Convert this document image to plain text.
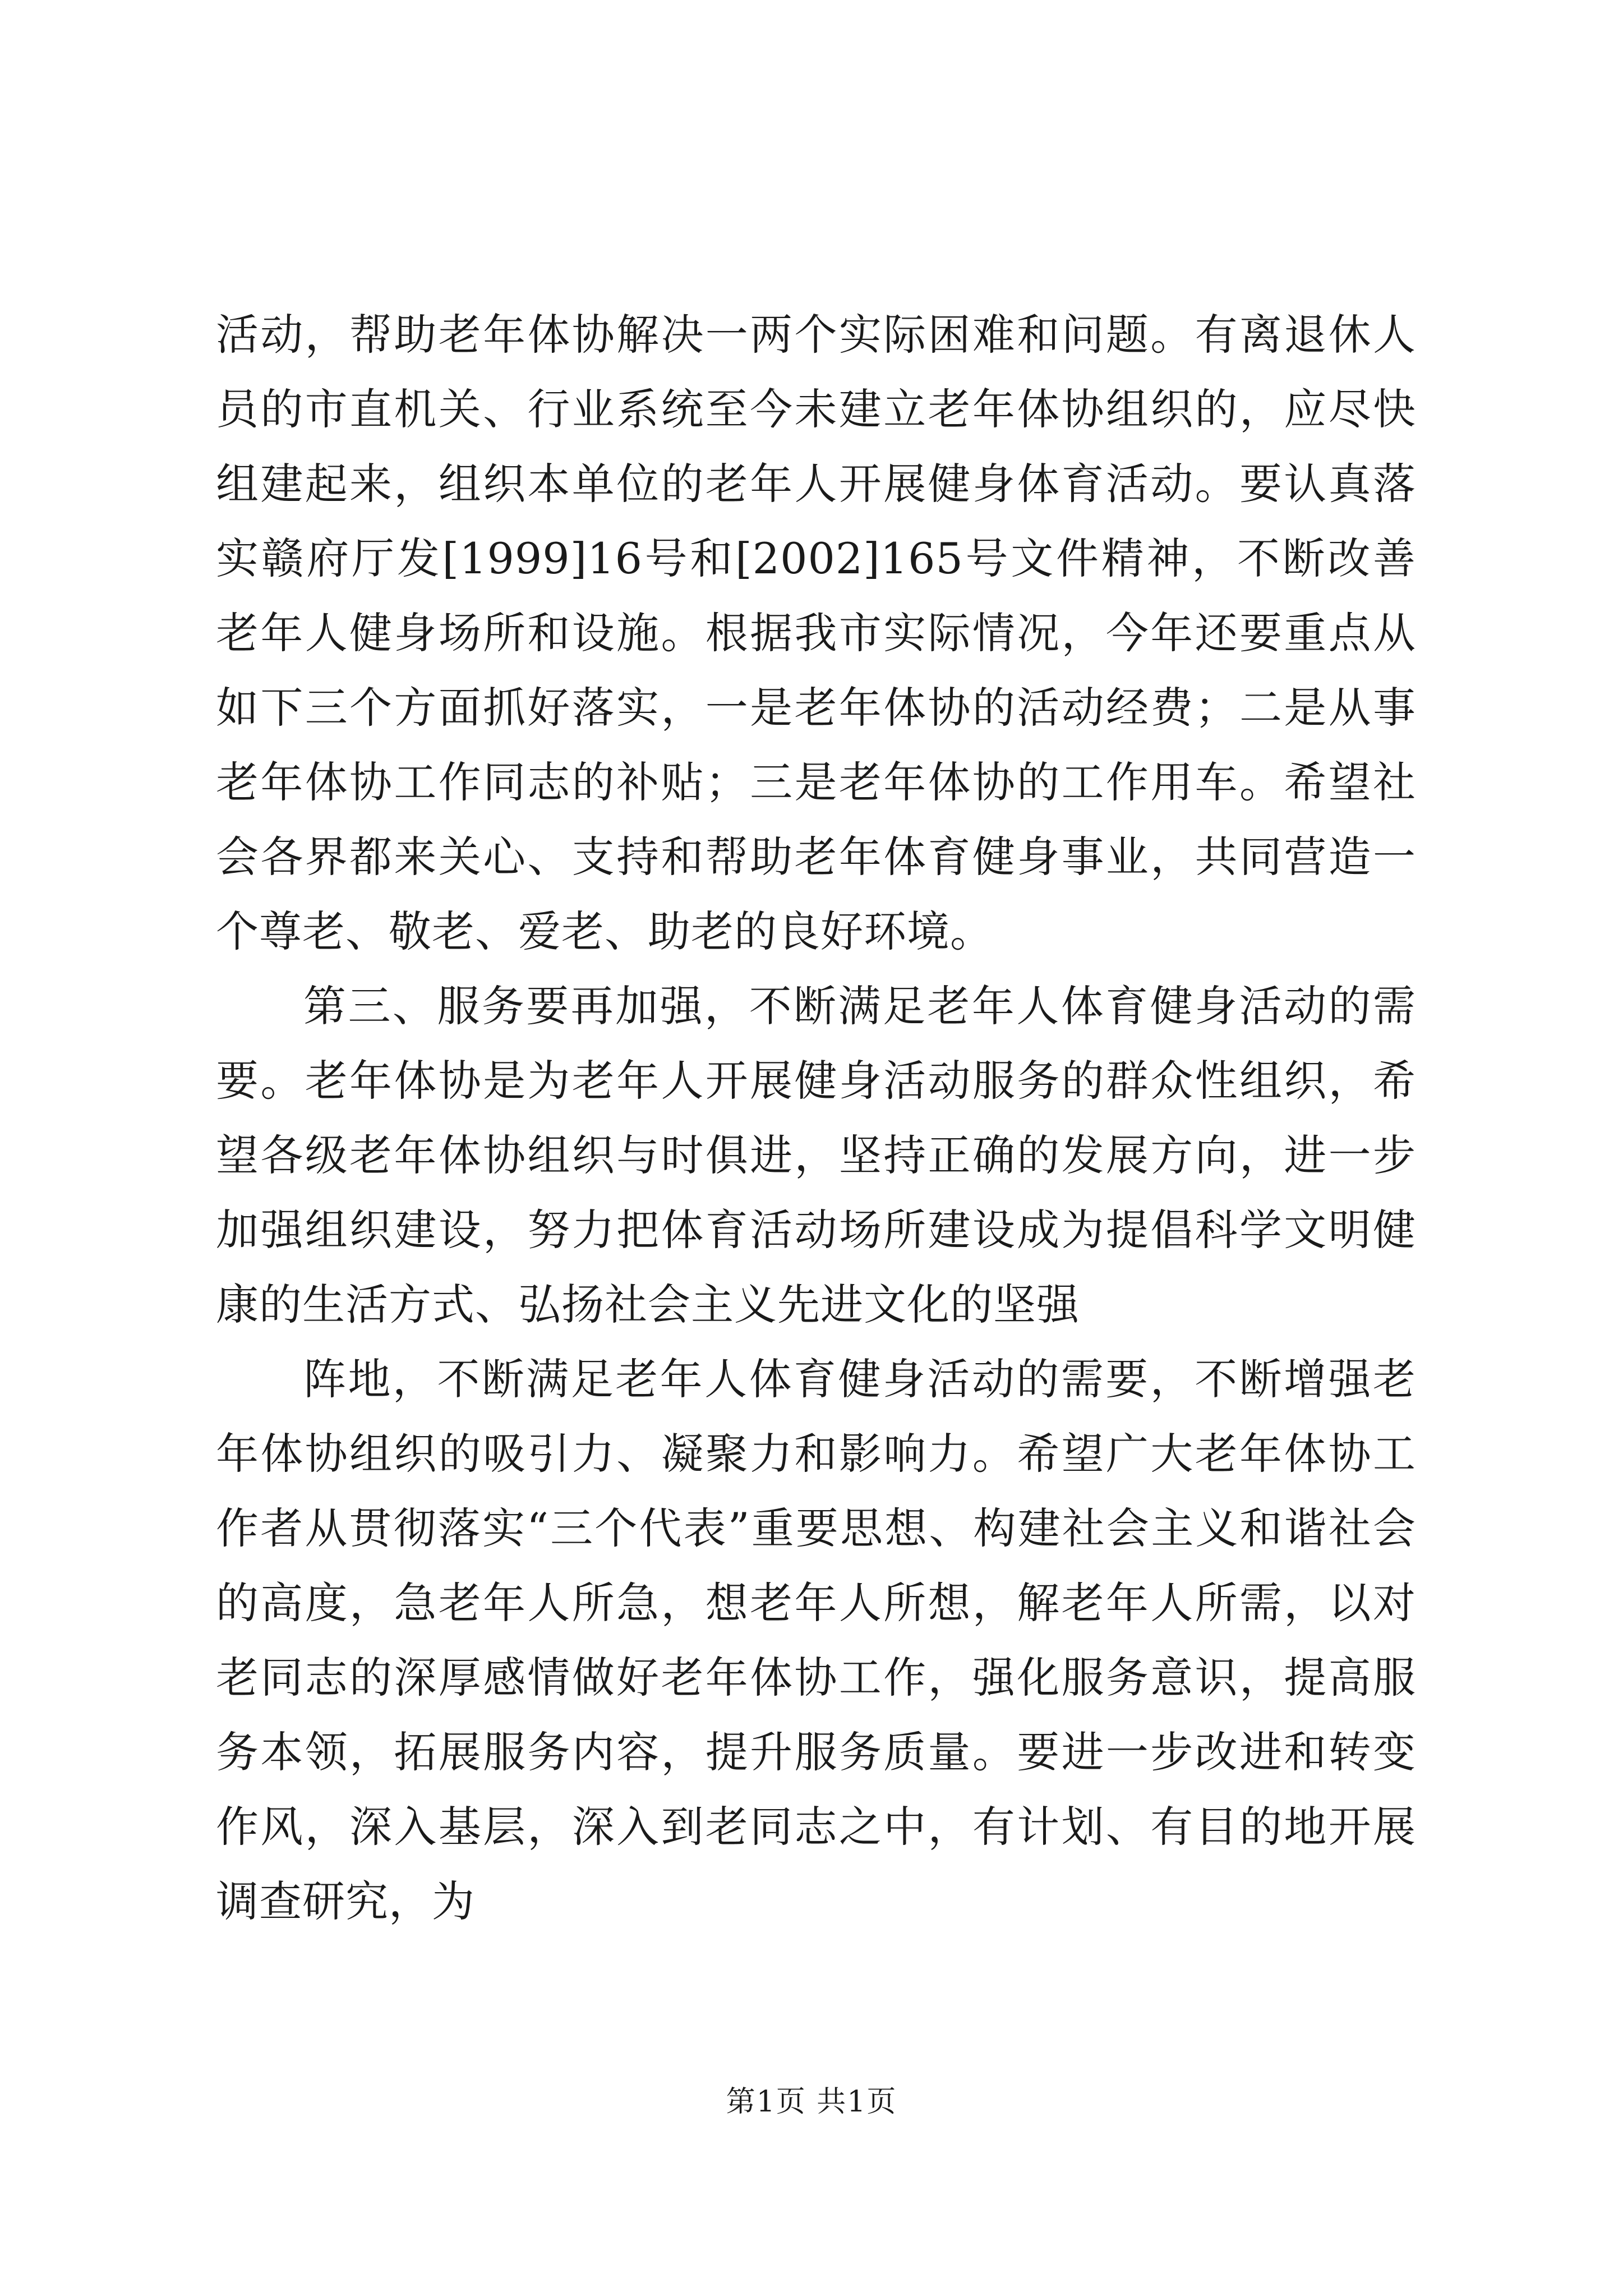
活动，帮助老年体协解决一两个实际困难和问题。有离退休人员的市直机关、行业系统至今未建立老年体协组织的，应尽快组建起来，组织本单位的老年人开展健身体育活动。要认真落实赣府厅发[1999]16号和[2002]165号文件精神，不断改善老年人健身场所和设施。根据我市实际情况，今年还要重点从如下三个方面抓好落实，一是老年体协的活动经费；二是从事老年体协工作同志的补贴；三是老年体协的工作用车。希望社会各界都来关心、支持和帮助老年体育健身事业，共同营造一个尊老、敬老、爱老、助老的良好环境。

第三、服务要再加强，不断满足老年人体育健身活动的需要。老年体协是为老年人开展健身活动服务的群众性组织，希望各级老年体协组织与时俱进，坚持正确的发展方向，进一步加强组织建设，努力把体育活动场所建设成为提倡科学文明健康的生活方式、弘扬社会主义先进文化的坚强

阵地，不断满足老年人体育健身活动的需要，不断增强老年体协组织的吸引力、凝聚力和影响力。希望广大老年体协工作者从贯彻落实“三个代表”重要思想、构建社会主义和谐社会的高度，急老年人所急，想老年人所想，解老年人所需，以对老同志的深厚感情做好老年体协工作，强化服务意识，提高服务本领，拓展服务内容，提升服务质量。要进一步改进和转变作风，深入基层，深入到老同志之中，有计划、有目的地开展调查研究，为

第1页 共1页
